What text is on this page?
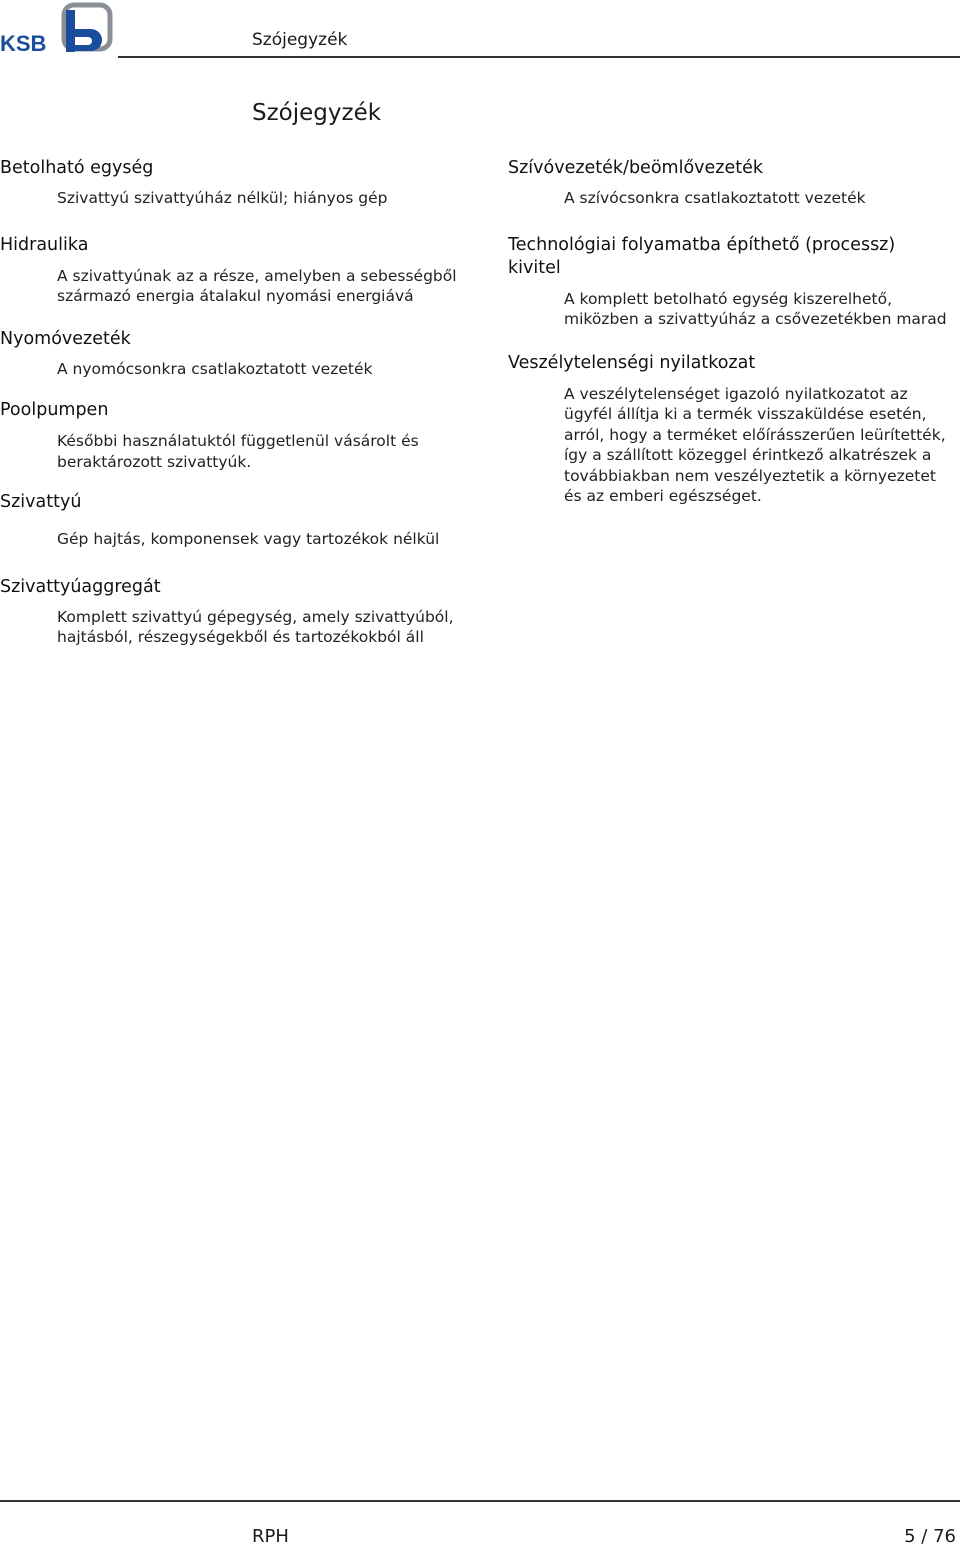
KSB	Szójegyzék
Szójegyzék

Betolható egység

Szivattyú szivattyúház nélkül; hiányos gép

Hidraulika

A szivattyúnak az a része, amelyben a sebességből származó energia átalakul nyomási energiává

Nyomóvezeték

A nyomócsonkra csatlakoztatott vezeték

Poolpumpen

Későbbi használatuktól függetlenül vásárolt és beraktározott szivattyúk.

Szivattyú

Gép hajtás, komponensek vagy tartozékok nélkül

Szivattyúaggregát

Komplett szivattyú gépegység, amely szivattyúból, hajtásból, részegységekből és tartozékokból áll

Szívóvezeték/beömlővezeték

A szívócsonkra csatlakoztatott vezeték

Technológiai folyamatba építhető (processz) kivitel

A komplett betolható egység kiszerelhető, miközben a szivattyúház a csővezetékben marad

Veszélytelenségi nyilatkozat

A veszélytelenséget igazoló nyilatkozatot az ügyfél állítja ki a termék visszaküldése esetén, arról, hogy a terméket előírásszerűen leürítették, így a szállított közeggel érintkező alkatrészek a továbbiakban nem veszélyeztetik a környezetet és az emberi egészséget.

RPH	5 / 76
